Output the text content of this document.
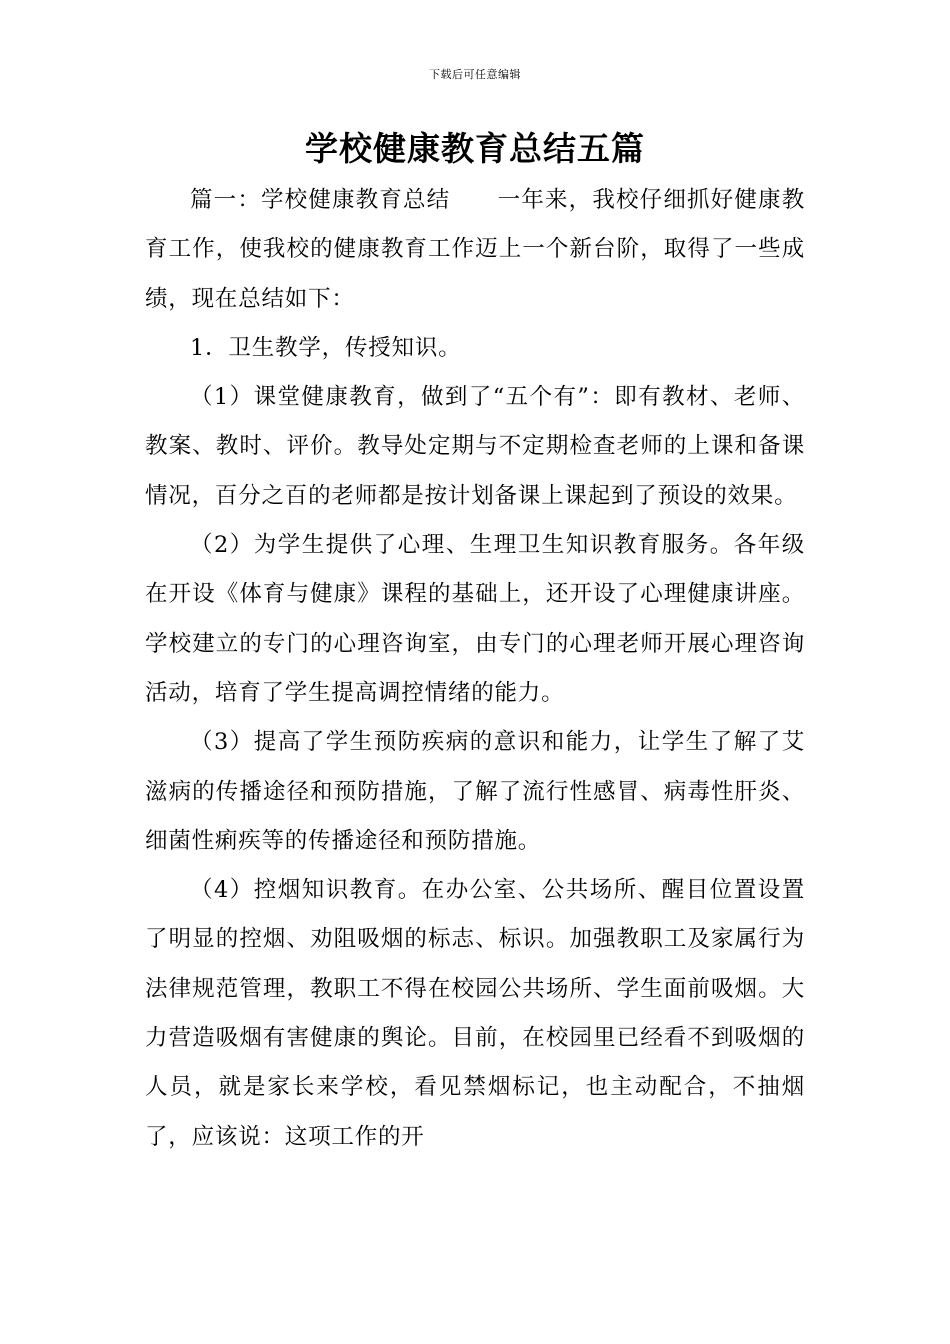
下载后可任意编辑
学校健康教育总结五篇

篇一：学校健康教育总结　　一年来，我校仔细抓好健康教育工作，使我校的健康教育工作迈上一个新台阶，取得了一些成绩，现在总结如下：

1．卫生教学，传授知识。

（1）课堂健康教育，做到了“五个有”：即有教材、老师、教案、教时、评价。教导处定期与不定期检查老师的上课和备课情况，百分之百的老师都是按计划备课上课起到了预设的效果。

（2）为学生提供了心理、生理卫生知识教育服务。各年级在开设《体育与健康》课程的基础上，还开设了心理健康讲座。学校建立的专门的心理咨询室，由专门的心理老师开展心理咨询活动，培育了学生提高调控情绪的能力。

（3）提高了学生预防疾病的意识和能力，让学生了解了艾滋病的传播途径和预防措施，了解了流行性感冒、病毒性肝炎、细菌性痢疾等的传播途径和预防措施。

（4）控烟知识教育。在办公室、公共场所、醒目位置设置了明显的控烟、劝阻吸烟的标志、标识。加强教职工及家属行为法律规范管理，教职工不得在校园公共场所、学生面前吸烟。大力营造吸烟有害健康的舆论。目前，在校园里已经看不到吸烟的人员，就是家长来学校，看见禁烟标记，也主动配合，不抽烟了，应该说：这项工作的开
